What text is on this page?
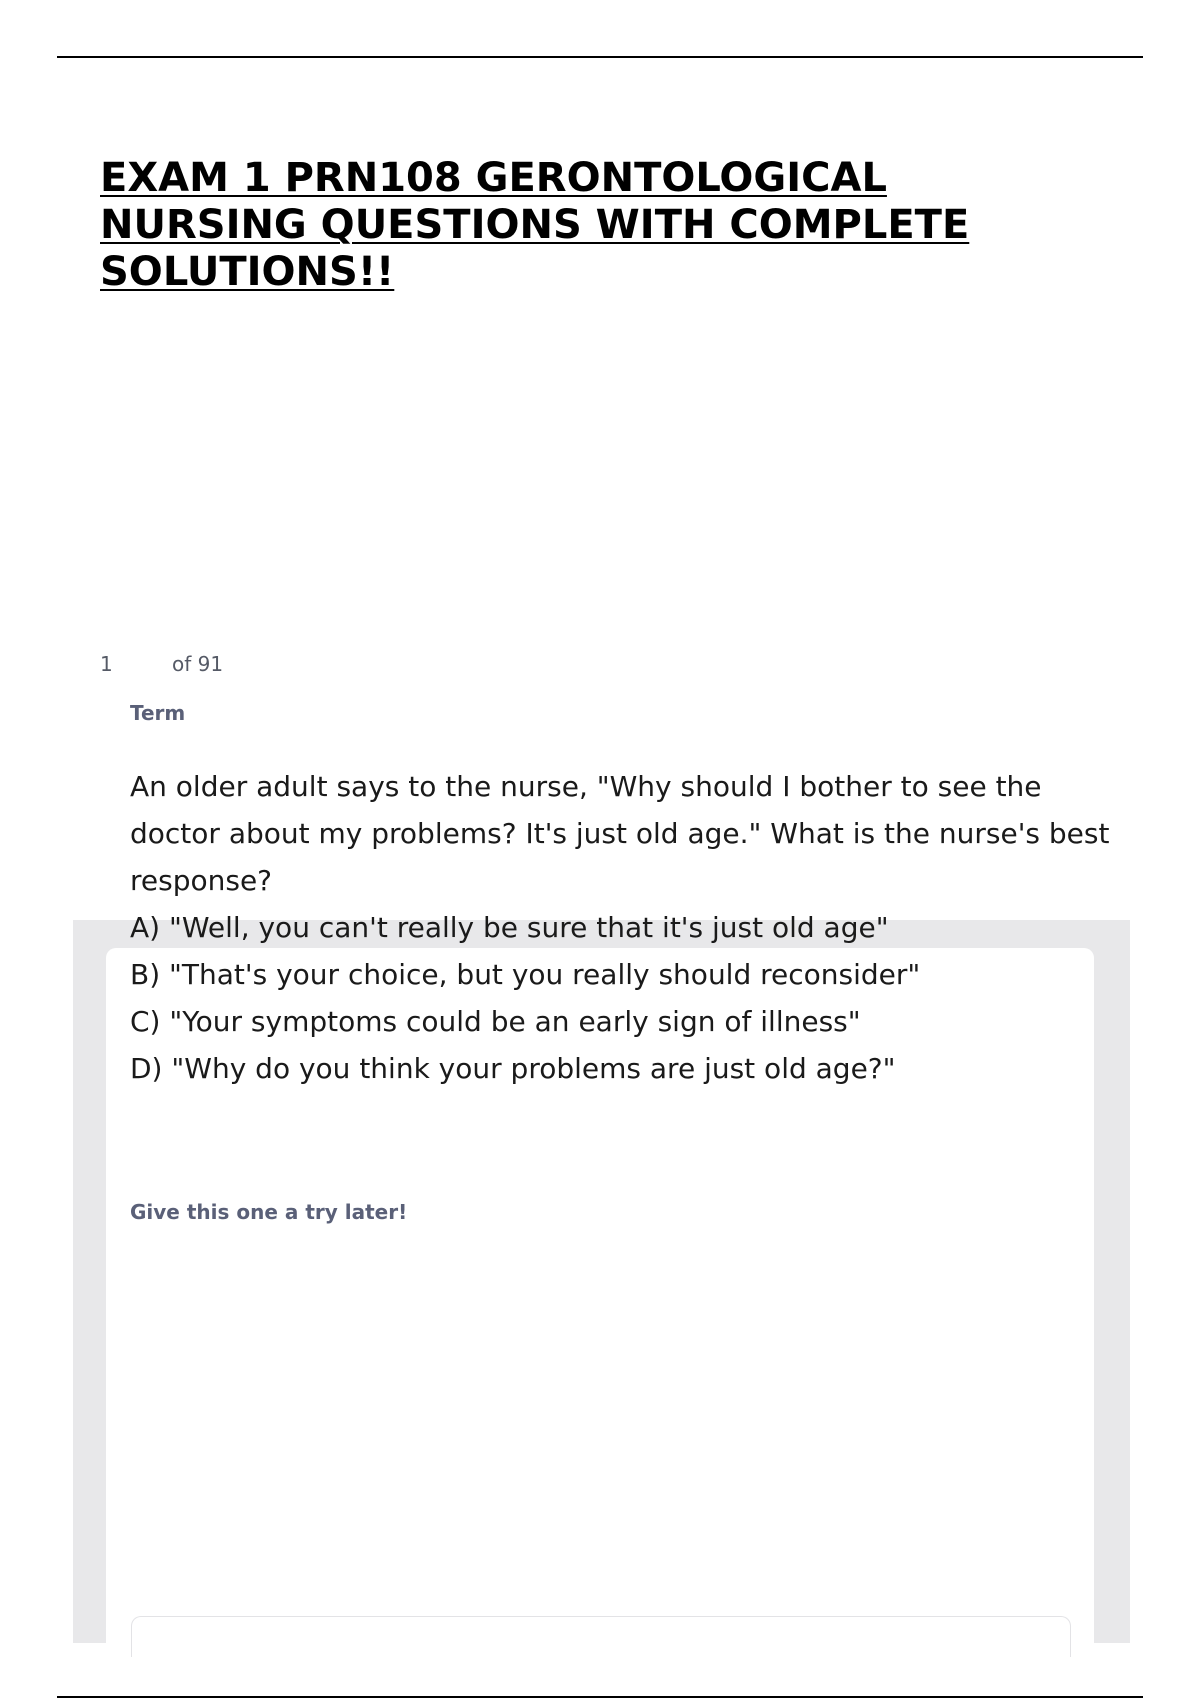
EXAM 1 PRN108 GERONTOLOGICAL
NURSING QUESTIONS WITH COMPLETE
SOLUTIONS!!
1	of 91
Term
An older adult says to the nurse, "Why should I bother to see the
doctor about my problems? It's just old age." What is the nurse's best
response?
A) "Well, you can't really be sure that it's just old age"
B) "That's your choice, but you really should reconsider"
C) "Your symptoms could be an early sign of illness"
D) "Why do you think your problems are just old age?"
Give this one a try later!
